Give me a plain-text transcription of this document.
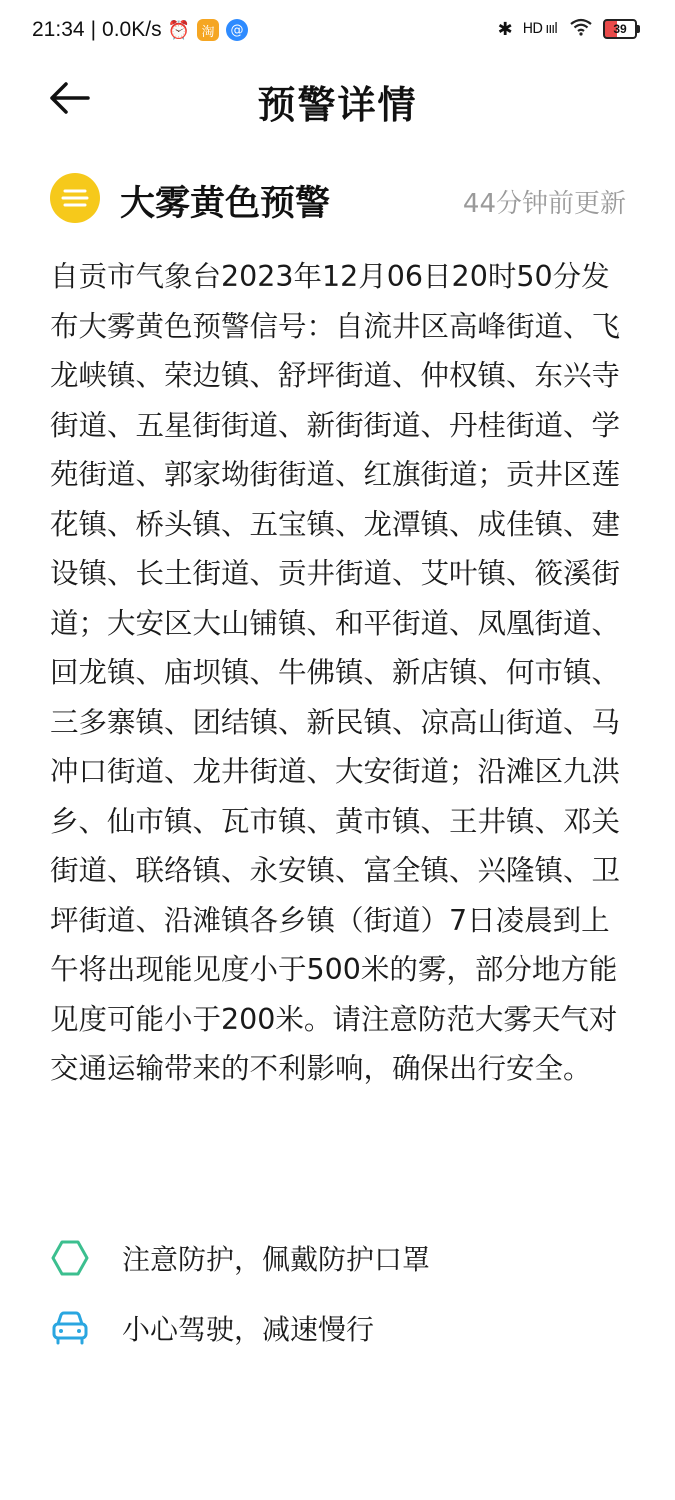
21:34 | 0.0K/s ⏰ 淘	@	✱ HD ıııl	39
预警详情
大雾黄色预警	44分钟前更新

自贡市气象台2023年12月06日20时50分发布大雾黄色预警信号：自流井区高峰街道、飞龙峡镇、荣边镇、舒坪街道、仲权镇、东兴寺街道、五星街街道、新街街道、丹桂街道、学苑街道、郭家坳街街道、红旗街道；贡井区莲花镇、桥头镇、五宝镇、龙潭镇、成佳镇、建设镇、长土街道、贡井街道、艾叶镇、筱溪街道；大安区大山铺镇、和平街道、凤凰街道、回龙镇、庙坝镇、牛佛镇、新店镇、何市镇、三多寨镇、团结镇、新民镇、凉高山街道、马冲口街道、龙井街道、大安街道；沿滩区九洪乡、仙市镇、瓦市镇、黄市镇、王井镇、邓关街道、联络镇、永安镇、富全镇、兴隆镇、卫坪街道、沿滩镇各乡镇（街道）7日凌晨到上午将出现能见度小于500米的雾，部分地方能见度可能小于200米。请注意防范大雾天气对交通运输带来的不利影响，确保出行安全。

注意防护，佩戴防护口罩
小心驾驶，减速慢行
